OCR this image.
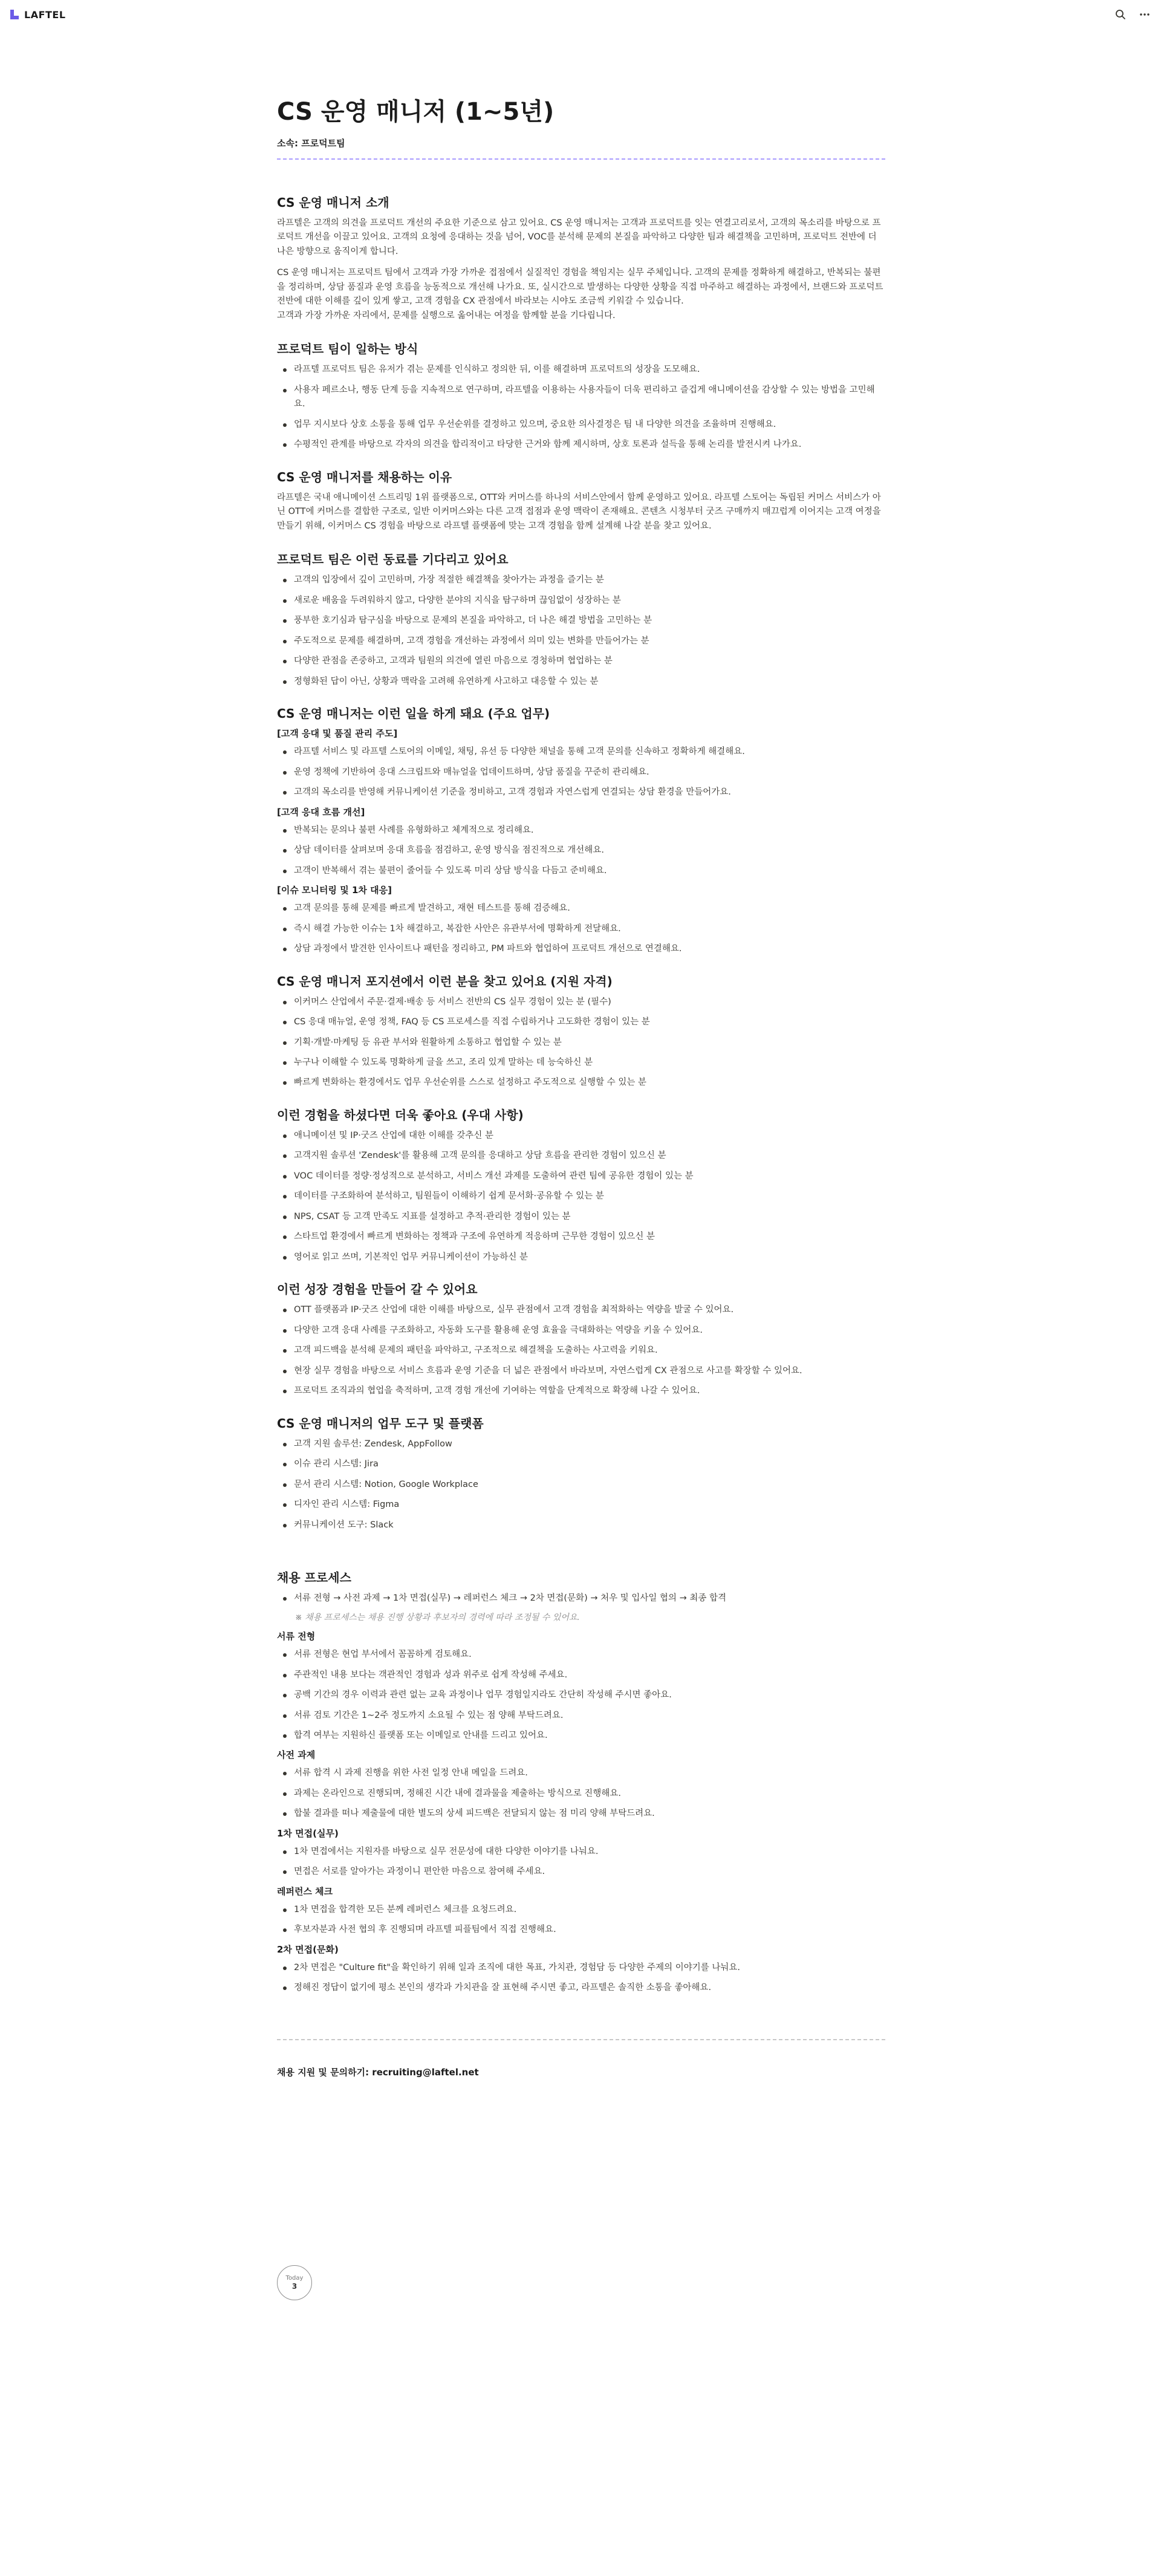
LAFTEL
CS 운영 매니저 (1~5년)
소속: 프로덕트팀
CS 운영 매니저 소개

라프텔은 고객의 의견을 프로덕트 개선의 주요한 기준으로 삼고 있어요. CS 운영 매니저는 고객과 프로덕트를 잇는 연결고리로서, 고객의 목소리를 바탕으로 프로덕트 개선을 이끌고 있어요. 고객의 요청에 응대하는 것을 넘어, VOC를 분석해 문제의 본질을 파악하고 다양한 팀과 해결책을 고민하며, 프로덕트 전반에 더 나은 방향으로 움직이게 합니다.

CS 운영 매니저는 프로덕트 팀에서 고객과 가장 가까운 접점에서 실질적인 경험을 책임지는 실무 주체입니다. 고객의 문제를 정확하게 해결하고, 반복되는 불편을 정리하며, 상담 품질과 운영 흐름을 능동적으로 개선해 나가요. 또, 실시간으로 발생하는 다양한 상황을 직접 마주하고 해결하는 과정에서, 브랜드와 프로덕트 전반에 대한 이해를 깊이 있게 쌓고, 고객 경험을 CX 관점에서 바라보는 시야도 조금씩 키워갈 수 있습니다.

고객과 가장 가까운 자리에서, 문제를 실행으로 옮어내는 여정을 함께할 분을 기다립니다.

프로덕트 팀이 일하는 방식
라프텔 프로덕트 팀은 유저가 겪는 문제를 인식하고 정의한 뒤, 이를 해결하며 프로덕트의 성장을 도모해요.
사용자 페르소나, 행동 단계 등을 지속적으로 연구하며, 라프텔을 이용하는 사용자들이 더욱 편리하고 즐겁게 애니메이션을 감상할 수 있는 방법을 고민해요.
업무 지시보다 상호 소통을 통해 업무 우선순위를 결정하고 있으며, 중요한 의사결정은 팀 내 다양한 의견을 조율하며 진행해요.
수평적인 관계를 바탕으로 각자의 의견을 합리적이고 타당한 근거와 함께 제시하며, 상호 토론과 설득을 통해 논리를 발전시켜 나가요.
CS 운영 매니저를 채용하는 이유

라프텔은 국내 애니메이션 스트리밍 1위 플랫폼으로, OTT와 커머스를 하나의 서비스안에서 함께 운영하고 있어요. 라프텔 스토어는 독립된 커머스 서비스가 아닌 OTT에 커머스를 결합한 구조로, 일반 이커머스와는 다른 고객 접점과 운영 맥락이 존재해요. 콘텐츠 시청부터 굿즈 구매까지 매끄럽게 이어지는 고객 여정을 만들기 위해, 이커머스 CS 경험을 바탕으로 라프텔 플랫폼에 맞는 고객 경험을 함께 설계해 나갈 분을 찾고 있어요.

프로덕트 팀은 이런 동료를 기다리고 있어요
고객의 입장에서 깊이 고민하며, 가장 적절한 해결책을 찾아가는 과정을 즐기는 분
새로운 배움을 두려워하지 않고, 다양한 분야의 지식을 탐구하며 끊임없이 성장하는 분
풍부한 호기심과 탐구심을 바탕으로 문제의 본질을 파악하고, 더 나은 해결 방법을 고민하는 분
주도적으로 문제를 해결하며, 고객 경험을 개선하는 과정에서 의미 있는 변화를 만들어가는 분
다양한 관점을 존중하고, 고객과 팀원의 의견에 열린 마음으로 경청하며 협업하는 분
정형화된 답이 아닌, 상황과 맥락을 고려해 유연하게 사고하고 대응할 수 있는 분
CS 운영 매니저는 이런 일을 하게 돼요 (주요 업무)
[고객 응대 및 품질 관리 주도]
라프텔 서비스 및 라프텔 스토어의 이메일, 채팅, 유선 등 다양한 채널을 통해 고객 문의를 신속하고 정확하게 해결해요.
운영 정책에 기반하여 응대 스크립트와 매뉴얼을 업데이트하며, 상담 품질을 꾸준히 관리해요.
고객의 목소리를 반영해 커뮤니케이션 기준을 정비하고, 고객 경험과 자연스럽게 연결되는 상담 환경을 만들어가요.
[고객 응대 흐름 개선]
반복되는 문의나 불편 사례를 유형화하고 체계적으로 정리해요.
상담 데이터를 살펴보며 응대 흐름을 점검하고, 운영 방식을 점진적으로 개선해요.
고객이 반복해서 겪는 불편이 줄어들 수 있도록 미리 상담 방식을 다듬고 준비해요.
[이슈 모니터링 및 1차 대응]
고객 문의를 통해 문제를 빠르게 발견하고, 재현 테스트를 통해 검증해요.
즉시 해결 가능한 이슈는 1차 해결하고, 복잡한 사안은 유관부서에 명확하게 전달해요.
상담 과정에서 발견한 인사이트나 패턴을 정리하고, PM 파트와 협업하여 프로덕트 개선으로 연결해요.
CS 운영 매니저 포지션에서 이런 분을 찾고 있어요 (지원 자격)
이커머스 산업에서 주문·결제·배송 등 서비스 전반의 CS 실무 경험이 있는 분 (필수)
CS 응대 매뉴얼, 운영 정책, FAQ 등 CS 프로세스를 직접 수립하거나 고도화한 경험이 있는 분
기획·개발·마케팅 등 유관 부서와 원활하게 소통하고 협업할 수 있는 분
누구나 이해할 수 있도록 명확하게 글을 쓰고, 조리 있게 말하는 데 능숙하신 분
빠르게 변화하는 환경에서도 업무 우선순위를 스스로 설정하고 주도적으로 실행할 수 있는 분
이런 경험을 하셨다면 더욱 좋아요 (우대 사항)
애니메이션 및 IP·굿즈 산업에 대한 이해를 갖추신 분
고객지원 솔루션 'Zendesk'를 활용해 고객 문의를 응대하고 상담 흐름을 관리한 경험이 있으신 분
VOC 데이터를 정량·정성적으로 분석하고, 서비스 개선 과제를 도출하여 관련 팀에 공유한 경험이 있는 분
데이터를 구조화하여 분석하고, 팀원들이 이해하기 쉽게 문서화·공유할 수 있는 분
NPS, CSAT 등 고객 만족도 지표를 설정하고 추적·관리한 경험이 있는 분
스타트업 환경에서 빠르게 변화하는 정책과 구조에 유연하게 적응하며 근무한 경험이 있으신 분
영어로 읽고 쓰며, 기본적인 업무 커뮤니케이션이 가능하신 분
이런 성장 경험을 만들어 갈 수 있어요
OTT 플랫폼과 IP·굿즈 산업에 대한 이해를 바탕으로, 실무 관점에서 고객 경험을 최적화하는 역량을 발굴 수 있어요.
다양한 고객 응대 사례를 구조화하고, 자동화 도구를 활용해 운영 효율을 극대화하는 역량을 키울 수 있어요.
고객 피드백을 분석해 문제의 패턴을 파악하고, 구조적으로 해결책을 도출하는 사고력을 키워요.
현장 실무 경험을 바탕으로 서비스 흐름과 운영 기준을 더 넓은 관점에서 바라보며, 자연스럽게 CX 관점으로 사고를 확장할 수 있어요.
프로덕트 조직과의 협업을 축적하며, 고객 경험 개선에 기여하는 역할을 단계적으로 확장해 나갈 수 있어요.
CS 운영 매니저의 업무 도구 및 플랫폼
고객 지원 솔루션: Zendesk, AppFollow
이슈 관리 시스템: Jira
문서 관리 시스템: Notion, Google Workplace
디자인 관리 시스템: Figma
커뮤니케이션 도구: Slack
채용 프로세스
서류 전형 → 사전 과제 → 1차 면접(실무) → 레퍼런스 체크 → 2차 면접(문화) → 처우 및 입사일 협의 → 최종 합격
※ 채용 프로세스는 채용 진행 상황과 후보자의 경력에 따라 조정될 수 있어요.
서류 전형
서류 전형은 현업 부서에서 꼼꼼하게 검토해요.
주관적인 내용 보다는 객관적인 경험과 성과 위주로 쉽게 작성해 주세요.
공백 기간의 경우 이력과 관련 없는 교육 과정이나 업무 경험일지라도 간단히 작성해 주시면 좋아요.
서류 검토 기간은 1~2주 정도까지 소요될 수 있는 점 양해 부탁드려요.
합격 여부는 지원하신 플랫폼 또는 이메일로 안내를 드리고 있어요.
사전 과제
서류 합격 시 과제 진행을 위한 사전 일정 안내 메일을 드려요.
과제는 온라인으로 진행되며, 정해진 시간 내에 결과물을 제출하는 방식으로 진행해요.
합불 결과를 떠나 제출물에 대한 별도의 상세 피드백은 전달되지 않는 점 미리 양해 부탁드려요.
1차 면접(실무)
1차 면접에서는 지원자를 바탕으로 실무 전문성에 대한 다양한 이야기를 나눠요.
면접은 서로를 알아가는 과정이니 편안한 마음으로 참여해 주세요.
레퍼런스 체크
1차 면접을 합격한 모든 분께 레퍼런스 체크를 요청드려요.
후보자분과 사전 협의 후 진행되며 라프텔 피플팀에서 직접 진행해요.
2차 면접(문화)
2차 면접은 "Culture fit"을 확인하기 위해 일과 조직에 대한 목표, 가치관, 경험담 등 다양한 주제의 이야기를 나눠요.
정해진 정답이 없기에 평소 본인의 생각과 가치관을 잘 표현해 주시면 좋고, 라프텔은 솔직한 소통을 좋아해요.
채용 지원 및 문의하기: recruiting@laftel.net
Today
3
